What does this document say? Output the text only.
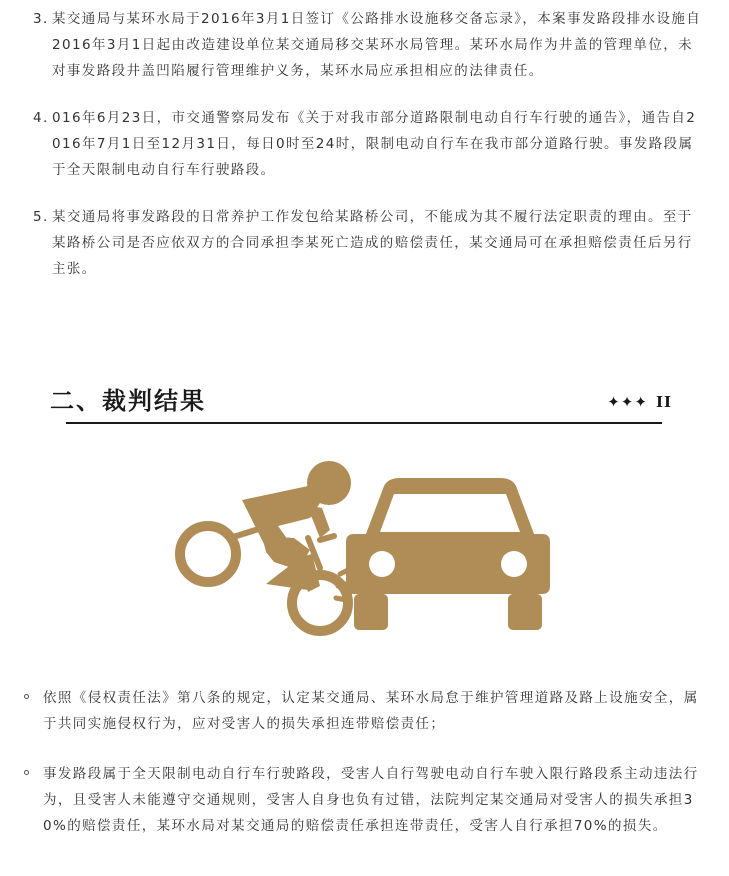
3. 某交通局与某环水局于2016年3月1日签订《公路排水设施移交备忘录》，本案事发路段排水设施自2016年3月1日起由改造建设单位某交通局移交某环水局管理。某环水局作为井盖的管理单位，未对事发路段井盖凹陷履行管理维护义务，某环水局应承担相应的法律责任。
4. 016年6月23日，市交通警察局发布《关于对我市部分道路限制电动自行车行驶的通告》，通告自2016年7月1日至12月31日，每日0时至24时，限制电动自行车在我市部分道路行驶。事发路段属于全天限制电动自行车行驶路段。
5. 某交通局将事发路段的日常养护工作发包给某路桥公司，不能成为其不履行法定职责的理由。至于某路桥公司是否应依双方的合同承担李某死亡造成的赔偿责任，某交通局可在承担赔偿责任后另行主张。
二、裁判结果	✦✦✦ II
依照《侵权责任法》第八条的规定，认定某交通局、某环水局怠于维护管理道路及路上设施安全，属于共同实施侵权行为，应对受害人的损失承担连带赔偿责任；
事发路段属于全天限制电动自行车行驶路段，受害人自行驾驶电动自行车驶入限行路段系主动违法行为，且受害人未能遵守交通规则，受害人自身也负有过错，法院判定某交通局对受害人的损失承担30%的赔偿责任，某环水局对某交通局的赔偿责任承担连带责任，受害人自行承担70%的损失。
